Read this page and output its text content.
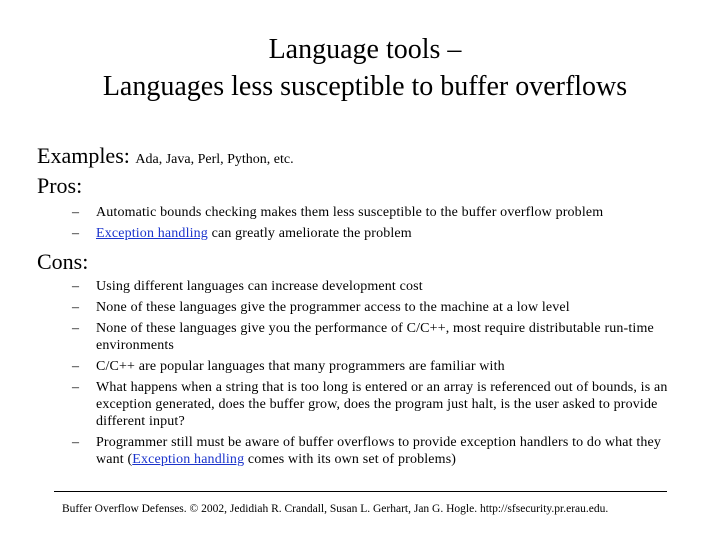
Language tools –
Languages less susceptible to buffer overflows
Examples: Ada, Java, Perl, Python, etc.
Pros:
– Automatic bounds checking makes them less susceptible to the buffer overflow problem
– Exception handling can greatly ameliorate the problem
Cons:
– Using different languages can increase development cost
– None of these languages give the programmer access to the machine at a low level
– None of these languages give you the performance of C/C++, most require distributable run-time environments
– C/C++ are popular languages that many programmers are familiar with
– What happens when a string that is too long is entered or an array is referenced out of bounds, is an exception generated, does the buffer grow, does the program just halt, is the user asked to provide different input?
– Programmer still must be aware of buffer overflows to provide exception handlers to do what they want (Exception handling comes with its own set of problems)
Buffer Overflow Defenses. © 2002, Jedidiah R. Crandall, Susan L. Gerhart, Jan G. Hogle. http://sfsecurity.pr.erau.edu.
